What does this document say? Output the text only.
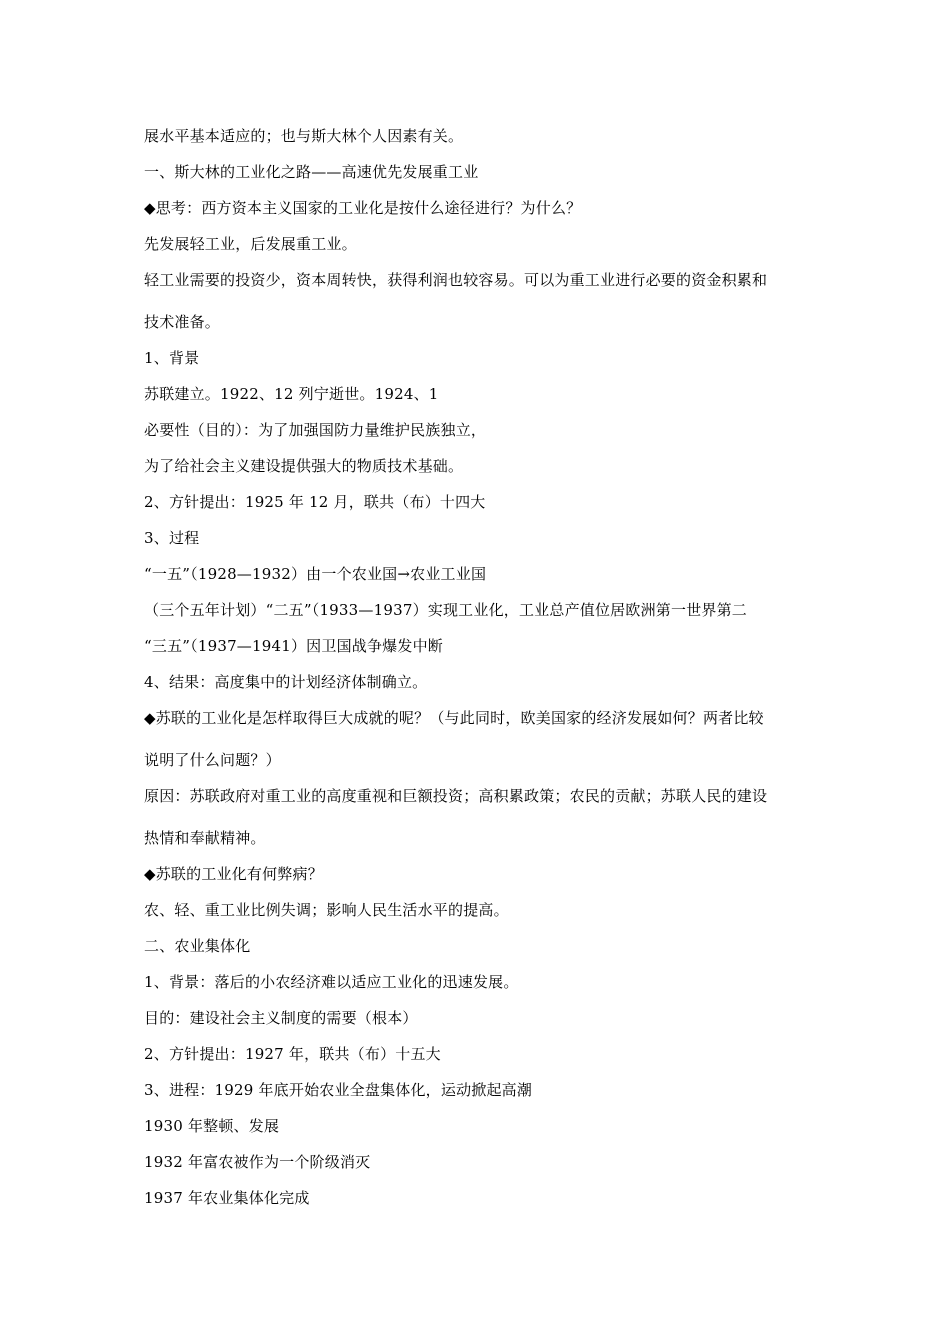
展水平基本适应的；也与斯大林个人因素有关。
一、斯大林的工业化之路——高速优先发展重工业
◆思考：西方资本主义国家的工业化是按什么途径进行？为什么？
先发展轻工业，后发展重工业。
轻工业需要的投资少，资本周转快，获得利润也较容易。可以为重工业进行必要的资金积累和
技术准备。
1、背景
苏联建立。1922、12 列宁逝世。1924、1
必要性（目的）：为了加强国防力量维护民族独立，
为了给社会主义建设提供强大的物质技术基础。
2、方针提出：1925 年 12 月，联共（布）十四大
3、过程
“一五”（1928—1932）由一个农业国→农业工业国
（三个五年计划）“二五”（1933—1937）实现工业化，工业总产值位居欧洲第一世界第二
“三五”（1937—1941）因卫国战争爆发中断
4、结果：高度集中的计划经济体制确立。
◆苏联的工业化是怎样取得巨大成就的呢？（与此同时，欧美国家的经济发展如何？两者比较
说明了什么问题？）
原因：苏联政府对重工业的高度重视和巨额投资；高积累政策；农民的贡献；苏联人民的建设
热情和奉献精神。
◆苏联的工业化有何弊病？
农、轻、重工业比例失调；影响人民生活水平的提高。
二、农业集体化
1、背景：落后的小农经济难以适应工业化的迅速发展。
目的：建设社会主义制度的需要（根本）
2、方针提出：1927 年，联共（布）十五大
3、进程：1929 年底开始农业全盘集体化，运动掀起高潮
1930 年整顿、发展
1932 年富农被作为一个阶级消灭
1937 年农业集体化完成
